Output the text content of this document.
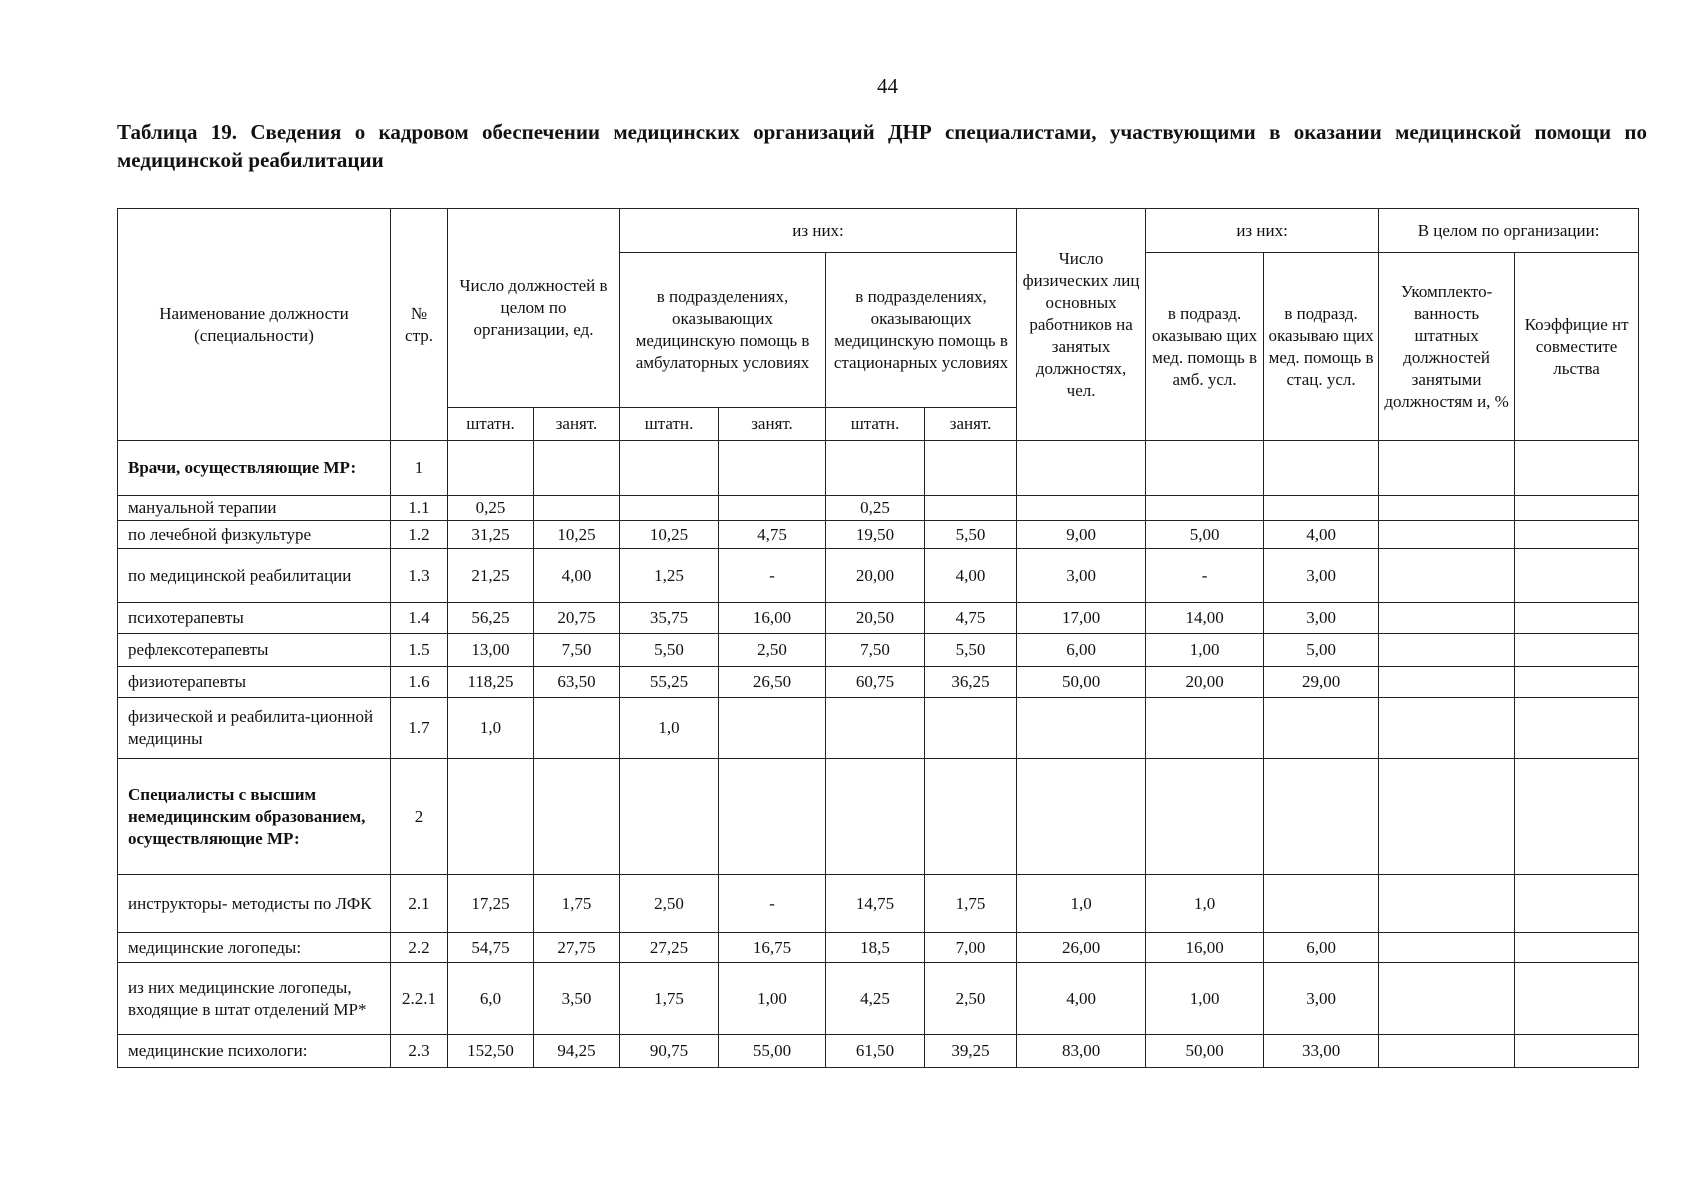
44
Таблица 19. Сведения о кадровом обеспечении медицинских организаций ДНР специалистами, участвующими в оказании медицинской помощи по медицинской реабилитации
Наименование должности (специальности)	№ стр.	Число должностей в целом по организации, ед.		из них:				Число физических лиц основных работников на занятых должностях, чел.	из них:		В целом по организации:	
				в подразделениях, оказывающих медицинскую помощь в амбулаторных условиях		в подразделениях, оказывающих медицинскую помощь в стационарных условиях			в подразд. оказываю щих мед. помощь в амб. усл.	в подразд. оказываю щих мед. помощь в стац. усл.	Укомплекто-ванность штатных должностей занятыми должностям и, %	Коэффицие нт совместите льства
		штатн.	занят.	штатн.	занят.	штатн.	занят.					
Врачи, осуществляющие МР:	1											
мануальной терапии	1.1	0,25				0,25						
по лечебной физкультуре	1.2	31,25	10,25	10,25	4,75	19,50	5,50	9,00	5,00	4,00		
по медицинской реабилитации	1.3	21,25	4,00	1,25	-	20,00	4,00	3,00	-	3,00		
психотерапевты	1.4	56,25	20,75	35,75	16,00	20,50	4,75	17,00	14,00	3,00		
рефлексотерапевты	1.5	13,00	7,50	5,50	2,50	7,50	5,50	6,00	1,00	5,00		
физиотерапевты	1.6	118,25	63,50	55,25	26,50	60,75	36,25	50,00	20,00	29,00		
физической и реабилита-ционной медицины	1.7	1,0		1,0								
Специалисты с высшим немедицинским образованием, осуществляющие МР:	2											
инструкторы- методисты по ЛФК	2.1	17,25	1,75	2,50	-	14,75	1,75	1,0	1,0			
медицинские логопеды:	2.2	54,75	27,75	27,25	16,75	18,5	7,00	26,00	16,00	6,00		
из них медицинские логопеды, входящие в штат отделений МР*	2.2.1	6,0	3,50	1,75	1,00	4,25	2,50	4,00	1,00	3,00		
медицинские психологи:	2.3	152,50	94,25	90,75	55,00	61,50	39,25	83,00	50,00	33,00		
